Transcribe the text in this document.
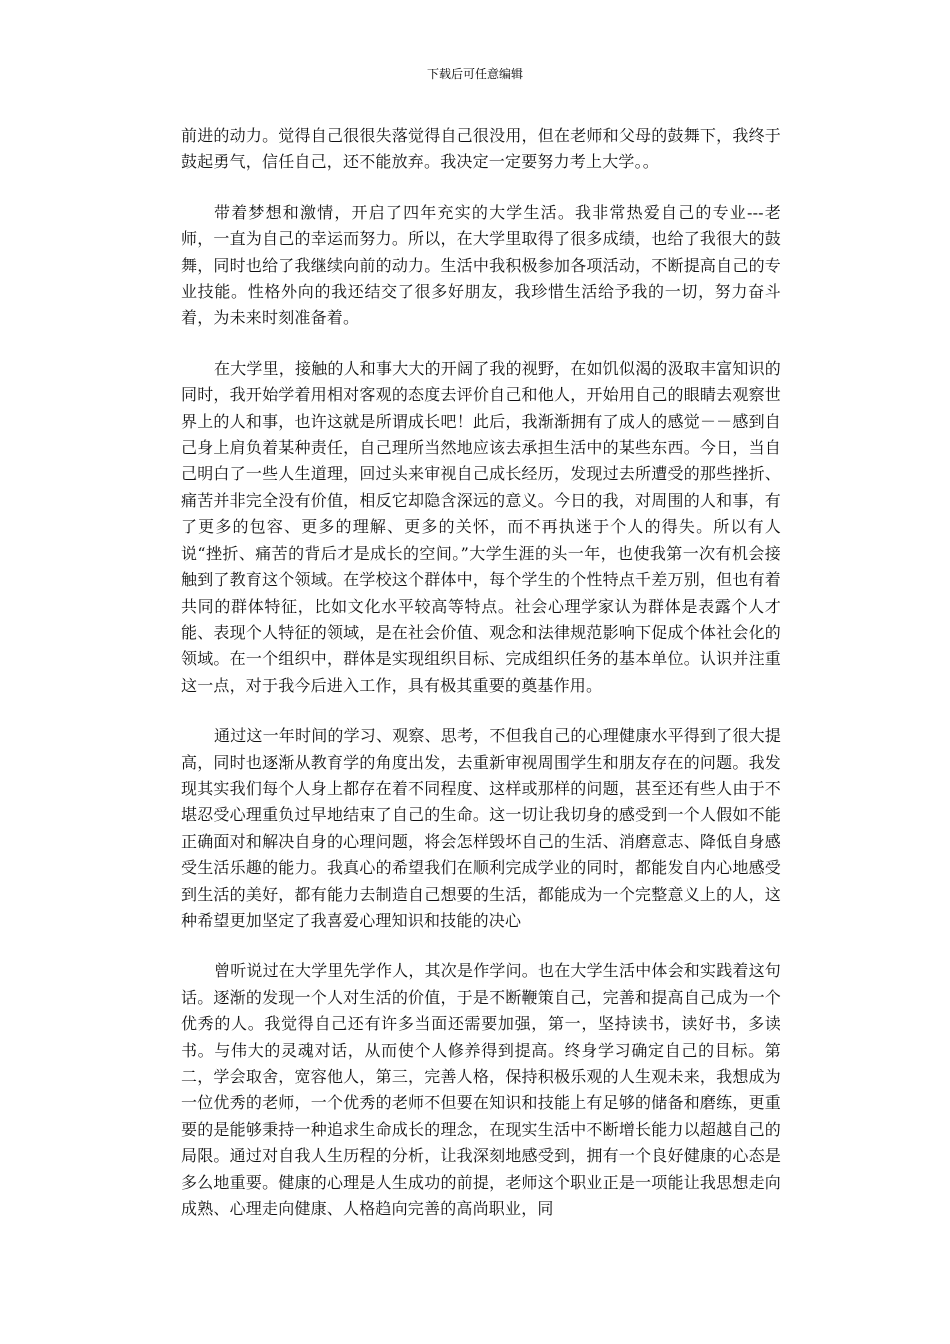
下载后可任意编辑

前进的动力。觉得自己很很失落觉得自己很没用，但在老师和父母的鼓舞下，我终于鼓起勇气，信任自己，还不能放弃。我决定一定要努力考上大学。。

带着梦想和激情，开启了四年充实的大学生活。我非常热爱自己的专业---老师，一直为自己的幸运而努力。所以，在大学里取得了很多成绩，也给了我很大的鼓舞，同时也给了我继续向前的动力。生活中我积极参加各项活动，不断提高自己的专业技能。性格外向的我还结交了很多好朋友，我珍惜生活给予我的一切，努力奋斗着，为未来时刻准备着。

在大学里，接触的人和事大大的开阔了我的视野，在如饥似渴的汲取丰富知识的同时，我开始学着用相对客观的态度去评价自己和他人，开始用自己的眼睛去观察世界上的人和事，也许这就是所谓成长吧！此后，我渐渐拥有了成人的感觉－－感到自己身上肩负着某种责任，自己理所当然地应该去承担生活中的某些东西。今日，当自己明白了一些人生道理，回过头来审视自己成长经历，发现过去所遭受的那些挫折、痛苦并非完全没有价值，相反它却隐含深远的意义。今日的我，对周围的人和事，有了更多的包容、更多的理解、更多的关怀，而不再执迷于个人的得失。所以有人说“挫折、痛苦的背后才是成长的空间。”大学生涯的头一年，也使我第一次有机会接触到了教育这个领域。在学校这个群体中，每个学生的个性特点千差万别，但也有着共同的群体特征，比如文化水平较高等特点。社会心理学家认为群体是表露个人才能、表现个人特征的领域，是在社会价值、观念和法律规范影响下促成个体社会化的领域。在一个组织中，群体是实现组织目标、完成组织任务的基本单位。认识并注重这一点，对于我今后进入工作，具有极其重要的奠基作用。

通过这一年时间的学习、观察、思考，不但我自己的心理健康水平得到了很大提高，同时也逐渐从教育学的角度出发，去重新审视周围学生和朋友存在的问题。我发现其实我们每个人身上都存在着不同程度、这样或那样的问题，甚至还有些人由于不堪忍受心理重负过早地结束了自己的生命。这一切让我切身的感受到一个人假如不能正确面对和解决自身的心理问题，将会怎样毁坏自己的生活、消磨意志、降低自身感受生活乐趣的能力。我真心的希望我们在顺利完成学业的同时，都能发自内心地感受到生活的美好，都有能力去制造自己想要的生活，都能成为一个完整意义上的人，这种希望更加坚定了我喜爱心理知识和技能的决心

曾听说过在大学里先学作人，其次是作学问。也在大学生活中体会和实践着这句话。逐渐的发现一个人对生活的价值，于是不断鞭策自己，完善和提高自己成为一个优秀的人。我觉得自己还有许多当面还需要加强，第一，坚持读书，读好书，多读书。与伟大的灵魂对话，从而使个人修养得到提高。终身学习确定自己的目标。第二，学会取舍，宽容他人，第三，完善人格，保持积极乐观的人生观未来，我想成为一位优秀的老师，一个优秀的老师不但要在知识和技能上有足够的储备和磨练，更重要的是能够秉持一种追求生命成长的理念，在现实生活中不断增长能力以超越自己的局限。通过对自我人生历程的分析，让我深刻地感受到，拥有一个良好健康的心态是多么地重要。健康的心理是人生成功的前提，老师这个职业正是一项能让我思想走向成熟、心理走向健康、人格趋向完善的高尚职业，同
